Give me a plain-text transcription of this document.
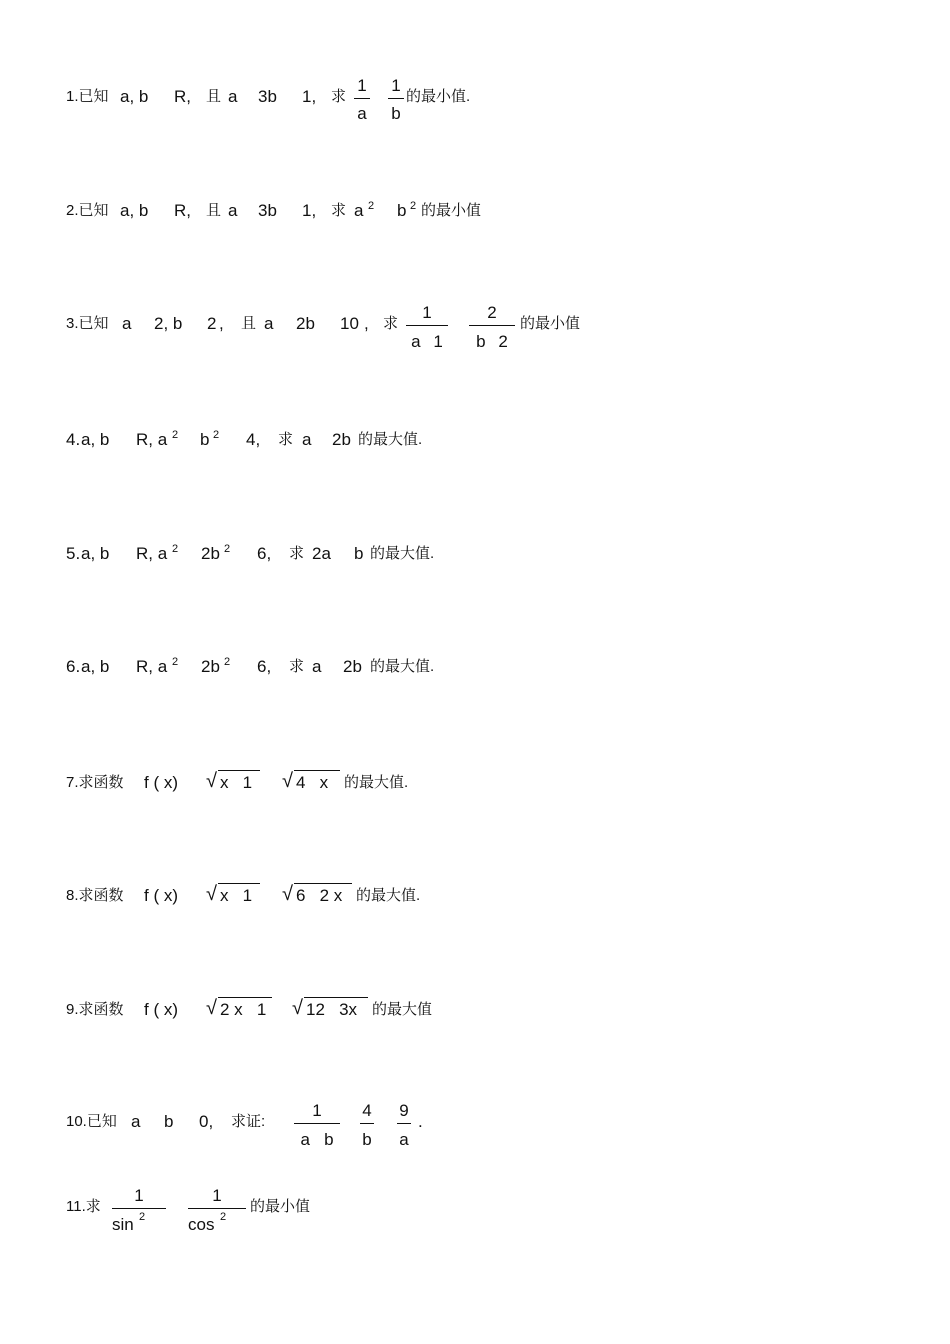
1.已知 a, b R, 且 a 3b 1, 求
1
a
1
b
的最小值.
2.已知 a, b R, 且 a 3b 1, 求 a 2 b 2 的最小值
3.已知 a 2, b 2 , 且 a 2b 10 , 求
1
a 1
2
b 2
的最小值
4. a, b R, a 2 b 2 4, 求 a 2b 的最大值.
5. a, b R, a 2 2b 2 6, 求 2a b 的最大值.
6. a, b R, a 2 2b 2 6, 求 a 2b 的最大值.
7.求函数 f ( x) √ x   1 √ 4   x 的最大值.
8.求函数 f ( x) √ x   1 √ 6   2 x 的最大值.
9.求函数 f ( x) √ 2 x   1 √ 12   3x 的最大值
10.已知 a b 0, 求证:
1
a   b
4
b
9
a
.
11.求
1
sin 2
1
cos 2
的最小值
